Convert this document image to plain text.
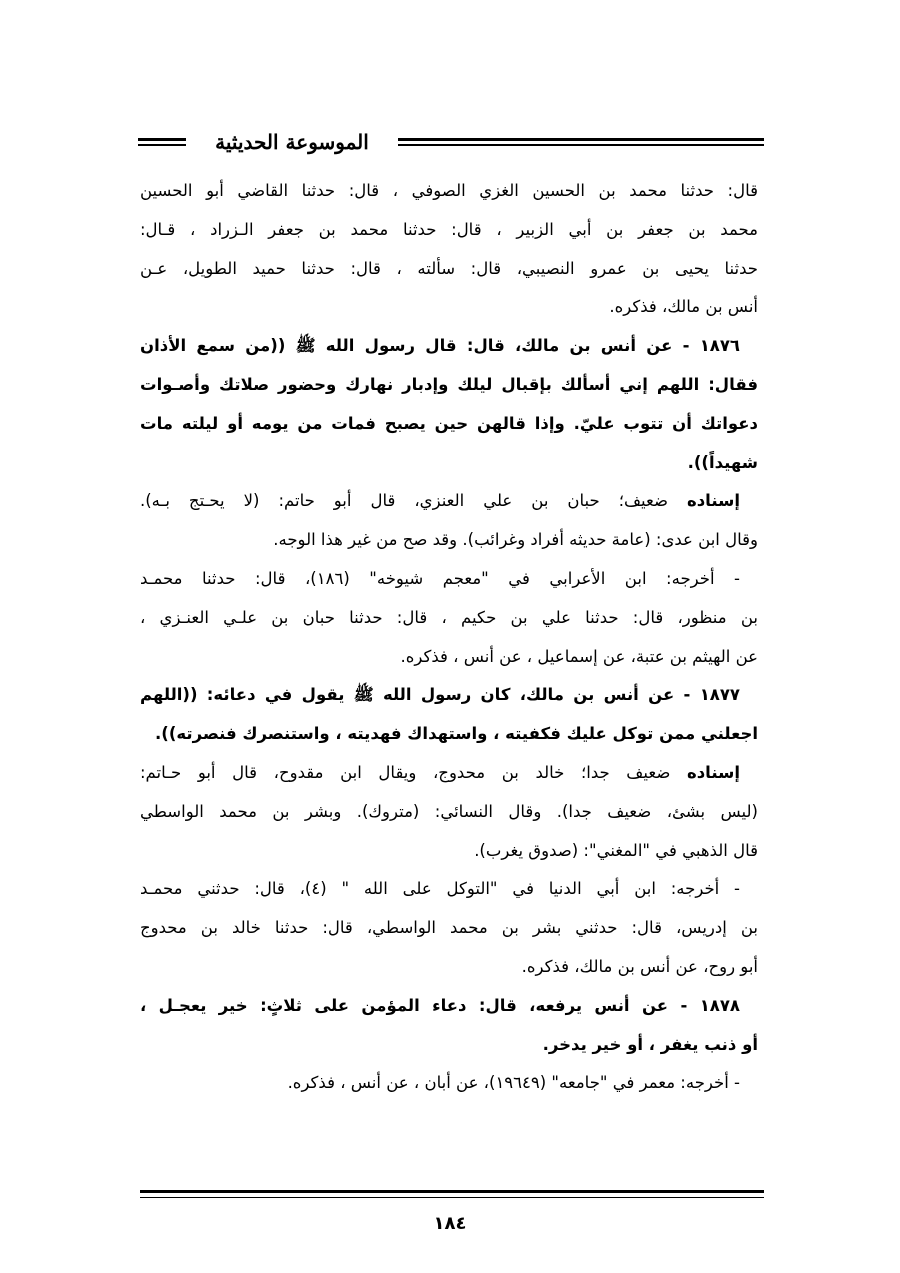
الموسوعة الحديثية
قال: حدثنا محمد بن الحسين الغزي الصوفي ، قال: حدثنا القاضي أبو الحسين
محمد بن جعفر بن أبي الزبير ، قال: حدثنا محمد بن جعفر الـزراد ، قـال:
حدثنا يحيى بن عمرو النصيبي، قال: سألته ، قال: حدثنا حميد الطويل، عـن
أنس بن مالك، فذكره.
١٨٧٦ - عن أنس بن مالك، قال: قال رسول الله ﷺ ((من سمع الأذان
فقال: اللهم إني أسألك بإقبال ليلك وإدبار نهارك وحضور صلاتك وأصـوات
دعواتك أن تتوب عليّ. وإذا قالهن حين يصبح فمات من يومه أو ليلته مات
شهيداً)).
إسناده ضعيف؛ حبان بن علي العنزي، قال أبو حاتم: (لا يحـتج بـه).
وقال ابن عدى: (عامة حديثه أفراد وغرائب). وقد صح من غير هذا الوجه.
- أخرجه: ابن الأعرابي في "معجم شيوخه" (١٨٦)، قال: حدثنا محمـد
بن منظور، قال: حدثنا علي بن حكيم ، قال: حدثنا حبان بن علـي العنـزي ،
عن الهيثم بن عتبة، عن إسماعيل ، عن أنس ، فذكره.
١٨٧٧ - عن أنس بن مالك، كان رسول الله ﷺ يقول في دعائه: ((اللهم
اجعلني ممن توكل عليك فكفيته ، واستهداك فهديته ، واستنصرك فنصرته)).
إسناده ضعيف جدا؛ خالد بن محدوج، ويقال ابن مقدوح، قال أبو حـاتم:
(ليس بشئ، ضعيف جدا). وقال النسائي: (متروك). وبشر بن محمد الواسطي
قال الذهبي في "المغني": (صدوق يغرب).
- أخرجه: ابن أبي الدنيا في "التوكل على الله " (٤)، قال: حدثني محمـد
بن إدريس، قال: حدثني بشر بن محمد الواسطي، قال: حدثنا خالد بن محدوج
أبو روح، عن أنس بن مالك، فذكره.
١٨٧٨ - عن أنس يرفعه، قال: دعاء المؤمن على ثلاثٍ: خير يعجـل ،
أو ذنب يغفر ، أو خير يدخر.
- أخرجه: معمر في "جامعه" (١٩٦٤٩)، عن أبان ، عن أنس ، فذكره.
١٨٤
